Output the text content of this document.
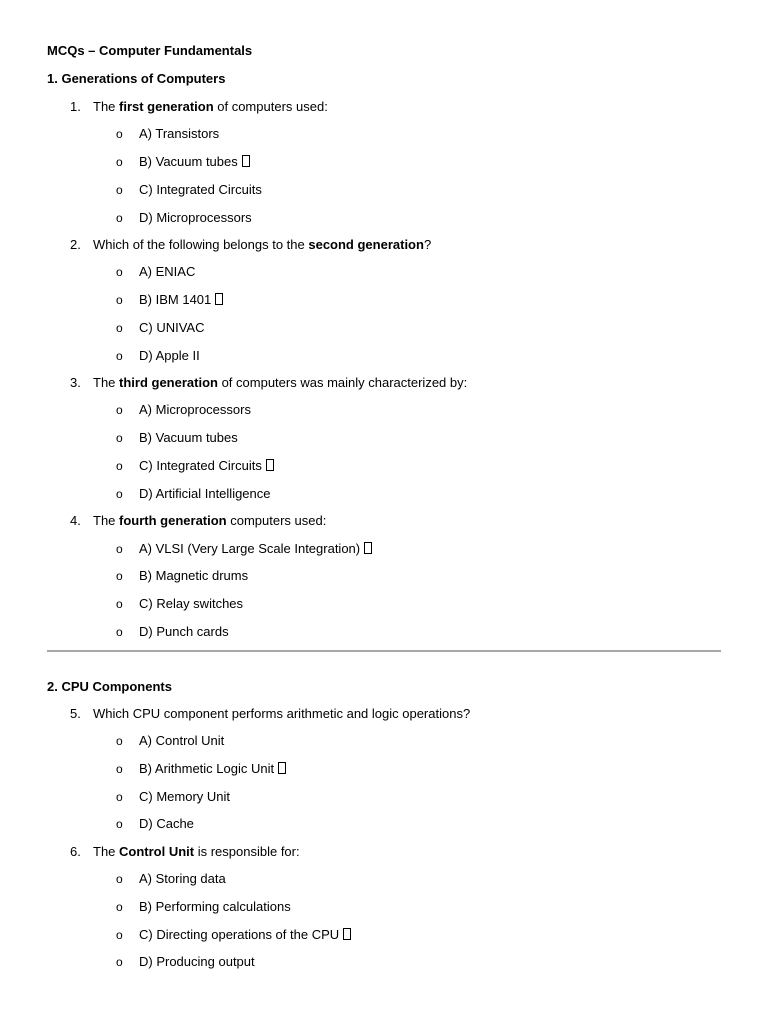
MCQs – Computer Fundamentals
1. Generations of Computers
1. The first generation of computers used:
o A) Transistors
o B) Vacuum tubes
o C) Integrated Circuits
o D) Microprocessors
2. Which of the following belongs to the second generation?
o A) ENIAC
o B) IBM 1401
o C) UNIVAC
o D) Apple II
3. The third generation of computers was mainly characterized by:
o A) Microprocessors
o B) Vacuum tubes
o C) Integrated Circuits
o D) Artificial Intelligence
4. The fourth generation computers used:
o A) VLSI (Very Large Scale Integration)
o B) Magnetic drums
o C) Relay switches
o D) Punch cards
2. CPU Components
5. Which CPU component performs arithmetic and logic operations?
o A) Control Unit
o B) Arithmetic Logic Unit
o C) Memory Unit
o D) Cache
6. The Control Unit is responsible for:
o A) Storing data
o B) Performing calculations
o C) Directing operations of the CPU
o D) Producing output
